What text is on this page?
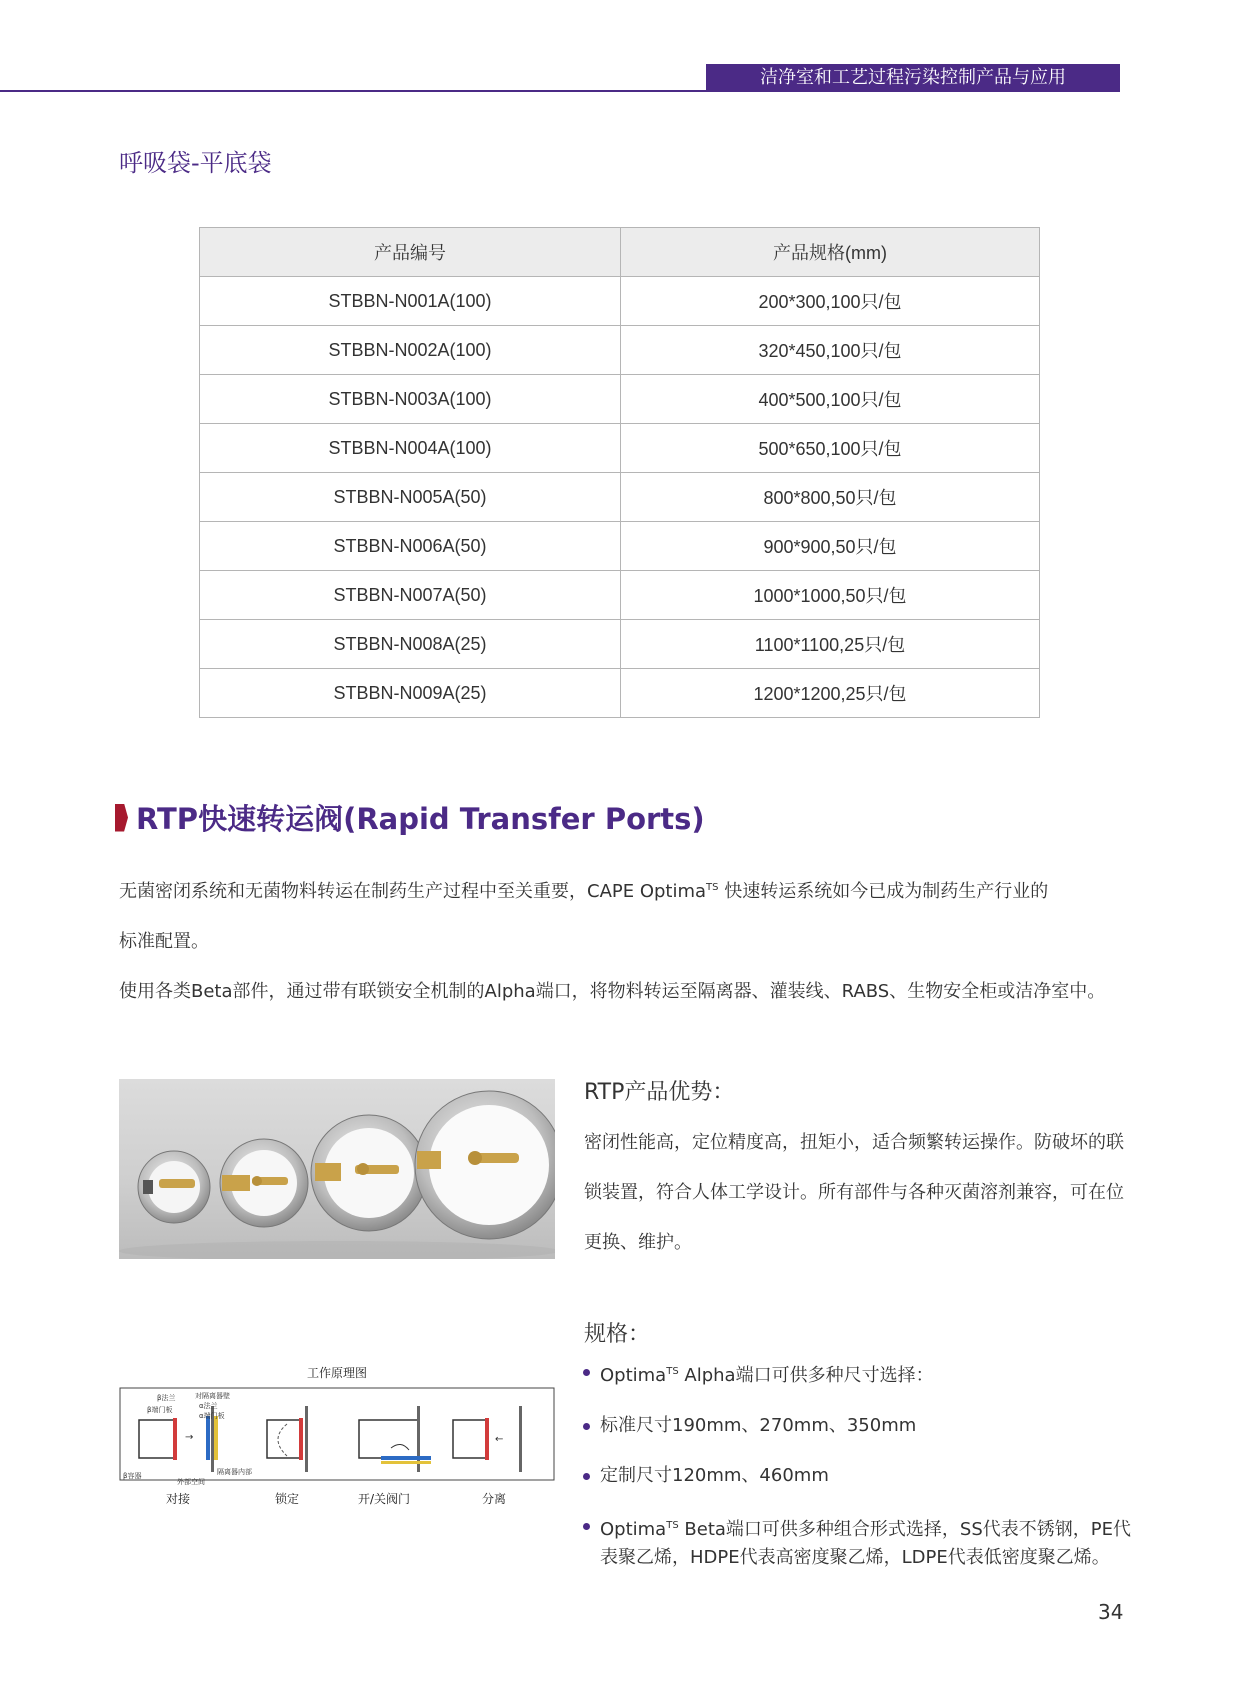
洁净室和工艺过程污染控制产品与应用
呼吸袋-平底袋
产品编号	产品规格(mm)
STBBN-N001A(100)	200*300,100只/包
STBBN-N002A(100)	320*450,100只/包
STBBN-N003A(100)	400*500,100只/包
STBBN-N004A(100)	500*650,100只/包
STBBN-N005A(50)	800*800,50只/包
STBBN-N006A(50)	900*900,50只/包
STBBN-N007A(50)	1000*1000,50只/包
STBBN-N008A(25)	1100*1100,25只/包
STBBN-N009A(25)	1200*1200,25只/包
RTP快速转运阀(Rapid Transfer Ports)
无菌密闭系统和无菌物料转运在制药生产过程中至关重要，CAPE Optima$^{TS}$ 快速转运系统如今已成为制药生产行业的
标准配置。
使用各类Beta部件，通过带有联锁安全机制的Alpha端口，将物料转运至隔离器、灌装线、RABS、生物安全柜或洁净室中。
RTP产品优势：
密闭性能高，定位精度高，扭矩小，适合频繁转运操作。防破坏的联
锁装置，符合人体工学设计。所有部件与各种灭菌溶剂兼容，可在位
更换、维护。
工作原理图
→	←
β法兰
β端门板
对隔离器壁
α法兰
α端门板
β容器
外部空间
隔离器内部
对接	锁定	开/关阀门	分离
规格：
Optima$^{TS}$ Alpha端口可供多种尺寸选择：
标准尺寸190mm、270mm、350mm
定制尺寸120mm、460mm
Optima$^{TS}$ Beta端口可供多种组合形式选择，SS代表不锈钢，PE代
表聚乙烯，HDPE代表高密度聚乙烯，LDPE代表低密度聚乙烯。
34
